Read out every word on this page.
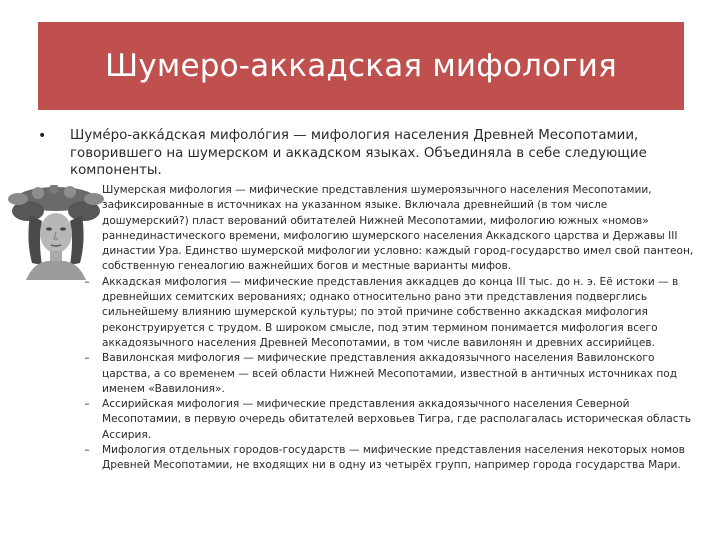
Шумеро-аккадская мифология
• Шуме́ро-акка́дская мифоло́гия — мифология населения Древней Месопотамии, говорившего на шумерском и аккадском языках. Объединяла в себе следующие компоненты.
Шумерская мифология — мифические представления шумероязычного населения Месопотамии, зафиксированные в источниках на указанном языке. Включала древнейший (в том числе дошумерский?) пласт верований обитателей Нижней Месопотамии, мифологию южных «номов» раннединастического времени, мифологию шумерского населения Аккадского царства и Державы III династии Ура. Единство шумерской мифологии условно: каждый город-государство имел свой пантеон, собственную генеалогию важнейших богов и местные варианты мифов.
–	Аккадская мифология — мифические представления аккадцев до конца III тыс. до н. э. Её истоки — в древнейших семитских верованиях; однако относительно рано эти представления подверглись сильнейшему влиянию шумерской культуры; по этой причине собственно аккадская мифология реконструируется с трудом. В широком смысле, под этим термином понимается мифология всего аккадоязычного населения Древней Месопотамии, в том числе вавилонян и древних ассирийцев.
–	Вавилонская мифология — мифические представления аккадоязычного населения Вавилонского царства, а со временем — всей области Нижней Месопотамии, известной в античных источниках под именем «Вавилония».
–	Ассирийская мифология — мифические представления аккадоязычного населения Северной Месопотамии, в первую очередь обитателей верховьев Тигра, где располагалась историческая область Ассирия.
–	Мифология отдельных городов-государств — мифические представления населения некоторых номов Древней Месопотамии, не входящих ни в одну из четырёх групп, например города государства Мари.
